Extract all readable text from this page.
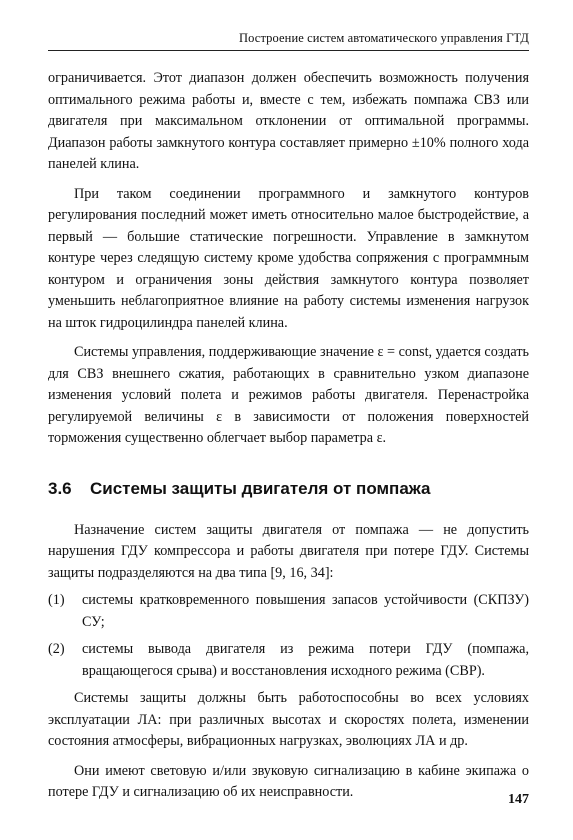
Построение систем автоматического управления ГТД

ограничивается. Этот диапазон должен обеспечить возможность получения оптимального режима работы и, вместе с тем, избежать помпажа СВЗ или двигателя при максимальном отклонении от оптимальной программы. Диапазон работы замкнутого контура составляет примерно ±10% полного хода панелей клина.

При таком соединении программного и замкнутого контуров регулирования последний может иметь относительно малое быстродействие, а первый — большие статические погрешности. Управление в замкнутом контуре через следящую систему кроме удобства сопряжения с программным контуром и ограничения зоны действия замкнутого контура позволяет уменьшить неблагоприятное влияние на работу системы изменения нагрузок на шток гидроцилиндра панелей клина.

Системы управления, поддерживающие значение ε = const, удается создать для СВЗ внешнего сжатия, работающих в сравнительно узком диапазоне изменения условий полета и режимов работы двигателя. Перенастройка регулируемой величины ε в зависимости от положения поверхностей торможения существенно облегчает выбор параметра ε.

3.6 Системы защиты двигателя от помпажа

Назначение систем защиты двигателя от помпажа — не допустить нарушения ГДУ компрессора и работы двигателя при потере ГДУ. Системы защиты подразделяются на два типа [9, 16, 34]:

(1) системы кратковременного повышения запасов устойчивости (СКПЗУ) СУ;
(2) системы вывода двигателя из режима потери ГДУ (помпажа, вращающегося срыва) и восстановления исходного режима (СВР).

Системы защиты должны быть работоспособны во всех условиях эксплуатации ЛА: при различных высотах и скоростях полета, изменении состояния атмосферы, вибрационных нагрузках, эволюциях ЛА и др.

Они имеют световую и/или звуковую сигнализацию в кабине экипажа о потере ГДУ и сигнализацию об их неисправности.	147
